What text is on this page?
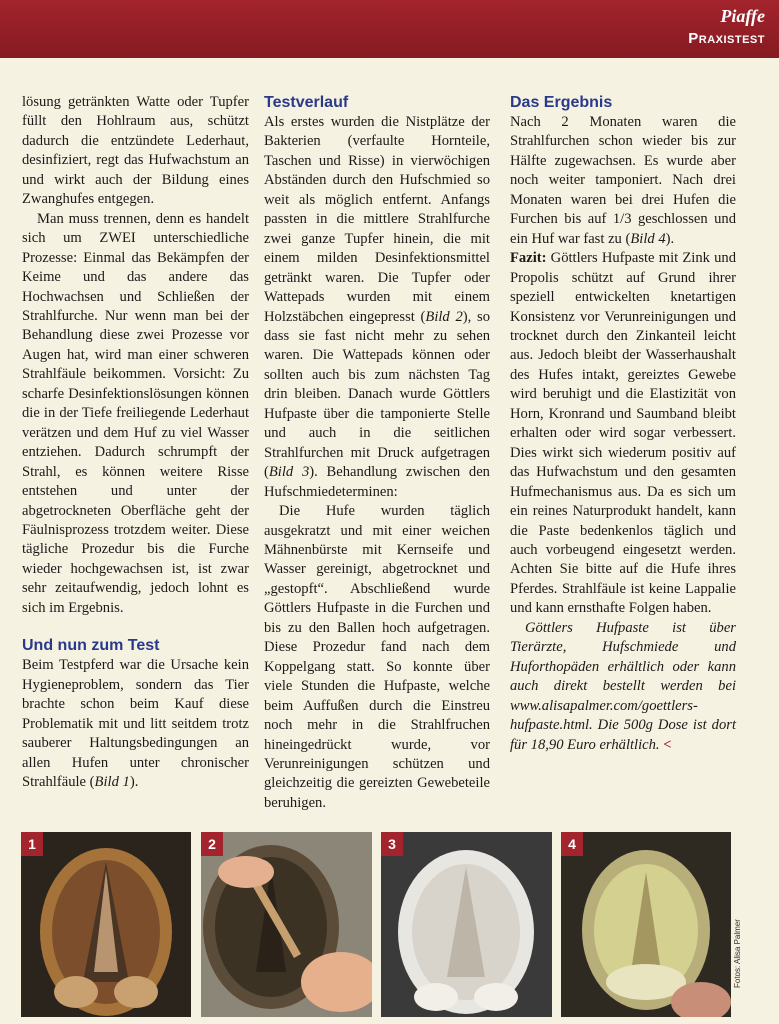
Piaffe
Praxistest

lösung getränkten Watte oder Tupfer füllt den Hohlraum aus, schützt dadurch die entzündete Lederhaut, desinfiziert, regt das Hufwachstum an und wirkt auch der Bildung eines Zwanghufes entgegen.

Man muss trennen, denn es handelt sich um ZWEI unterschiedliche Prozesse: Einmal das Bekämpfen der Keime und das andere das Hochwachsen und Schließen der Strahlfurche. Nur wenn man bei der Behandlung diese zwei Prozesse vor Augen hat, wird man einer schweren Strahlfäule beikommen. Vorsicht: Zu scharfe Desinfektionslösungen können die in der Tiefe freiliegende Lederhaut verätzen und dem Huf zu viel Wasser entziehen. Dadurch schrumpft der Strahl, es können weitere Risse entstehen und unter der abgetrockneten Oberfläche geht der Fäulnisprozess trotzdem weiter. Diese tägliche Prozedur bis die Furche wieder hochgewachsen ist, ist zwar sehr zeitaufwendig, jedoch lohnt es sich im Ergebnis.

Und nun zum Test

Beim Testpferd war die Ursache kein Hygieneproblem, sondern das Tier brachte schon beim Kauf diese Problematik mit und litt seitdem trotz sauberer Haltungsbedingungen an allen Hufen unter chronischer Strahlfäule (Bild 1).

Testverlauf

Als erstes wurden die Nistplätze der Bakterien (verfaulte Hornteile, Taschen und Risse) in vierwöchigen Abständen durch den Hufschmied so weit als möglich entfernt. Anfangs passten in die mittlere Strahlfurche zwei ganze Tupfer hinein, die mit einem milden Desinfektionsmittel getränkt waren. Die Tupfer oder Wattepads wurden mit einem Holzstäbchen eingepresst (Bild 2), so dass sie fast nicht mehr zu sehen waren. Die Wattepads können oder sollten auch bis zum nächsten Tag drin bleiben. Danach wurde Göttlers Hufpaste über die tamponierte Stelle und auch in die seitlichen Strahlfurchen mit Druck aufgetragen (Bild 3). Behandlung zwischen den Hufschmiedeterminen:

Die Hufe wurden täglich ausgekratzt und mit einer weichen Mähnenbürste mit Kernseife und Wasser gereinigt, abgetrocknet und „gestopft“. Abschließend wurde Göttlers Hufpaste in die Furchen und bis zu den Ballen hoch aufgetragen. Diese Prozedur fand nach dem Koppelgang statt. So konnte über viele Stunden die Hufpaste, welche beim Auffußen durch die Einstreu noch mehr in die Strahlfruchen hineingedrückt wurde, vor Verunreinigungen schützen und gleichzeitig die gereizten Gewebeteile beruhigen.

Das Ergebnis

Nach 2 Monaten waren die Strahlfurchen schon wieder bis zur Hälfte zugewachsen. Es wurde aber noch weiter tamponiert. Nach drei Monaten waren bei drei Hufen die Furchen bis auf 1/3 geschlossen und ein Huf war fast zu (Bild 4).

Fazit: Göttlers Hufpaste mit Zink und Propolis schützt auf Grund ihrer speziell entwickelten knetartigen Konsistenz vor Verunreinigungen und trocknet durch den Zinkanteil leicht aus. Jedoch bleibt der Wasserhaushalt des Hufes intakt, gereiztes Gewebe wird beruhigt und die Elastizität von Horn, Kronrand und Saumband bleibt erhalten oder wird sogar verbessert. Dies wirkt sich wiederum positiv auf das Hufwachstum und den gesamten Hufmechanismus aus. Da es sich um ein reines Naturprodukt handelt, kann die Paste bedenkenlos täglich und auch vorbeugend eingesetzt werden. Achten Sie bitte auf die Hufe ihres Pferdes. Strahlfäule ist keine Lappalie und kann ernsthafte Folgen haben.

Göttlers Hufpaste ist über Tierärzte, Hufschmiede und Huforthopäden erhältlich oder kann auch direkt bestellt werden bei www.alisapalmer.com/goettlers-hufpaste.html. Die 500g Dose ist dort für 18,90 Euro erhältlich. <

1	2	3	4
Fotos: Alisa Palmer
